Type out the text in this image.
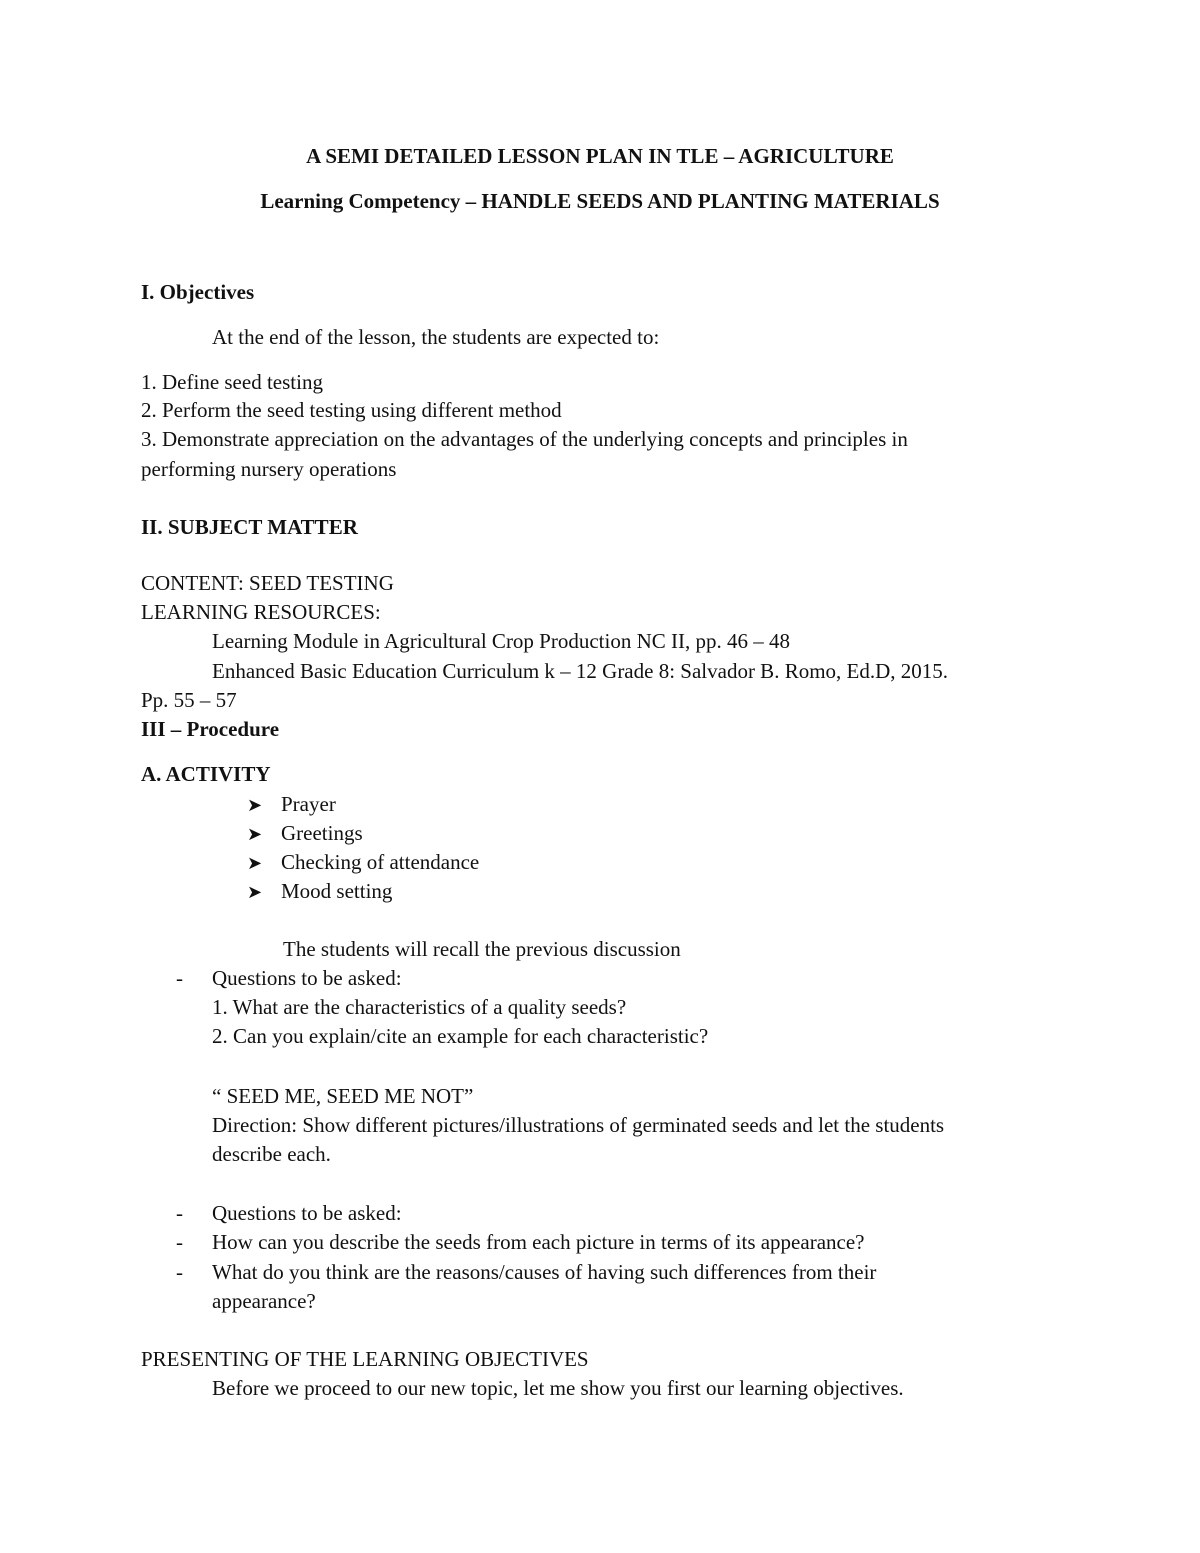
A SEMI DETAILED LESSON PLAN IN TLE – AGRICULTURE
Learning Competency – HANDLE SEEDS AND PLANTING MATERIALS
I. Objectives
At the end of the lesson, the students are expected to:
1. Define seed testing
2. Perform the seed testing using different method
3. Demonstrate appreciation on the advantages of the underlying concepts and principles in
performing nursery operations
II. SUBJECT MATTER
CONTENT: SEED TESTING
LEARNING RESOURCES:
Learning Module in Agricultural Crop Production NC II, pp. 46 – 48
Enhanced Basic Education Curriculum k – 12 Grade 8: Salvador B. Romo, Ed.D, 2015.
Pp. 55 – 57
III – Procedure
A. ACTIVITY
➤ Prayer
➤ Greetings
➤ Checking of attendance
➤ Mood setting
The students will recall the previous discussion
- Questions to be asked:
1. What are the characteristics of a quality seeds?
2. Can you explain/cite an example for each characteristic?
“ SEED ME, SEED ME NOT”
Direction: Show different pictures/illustrations of germinated seeds and let the students
describe each.
- Questions to be asked:
- How can you describe the seeds from each picture in terms of its appearance?
- What do you think are the reasons/causes of having such differences from their
appearance?
PRESENTING OF THE LEARNING OBJECTIVES
Before we proceed to our new topic, let me show you first our learning objectives.
